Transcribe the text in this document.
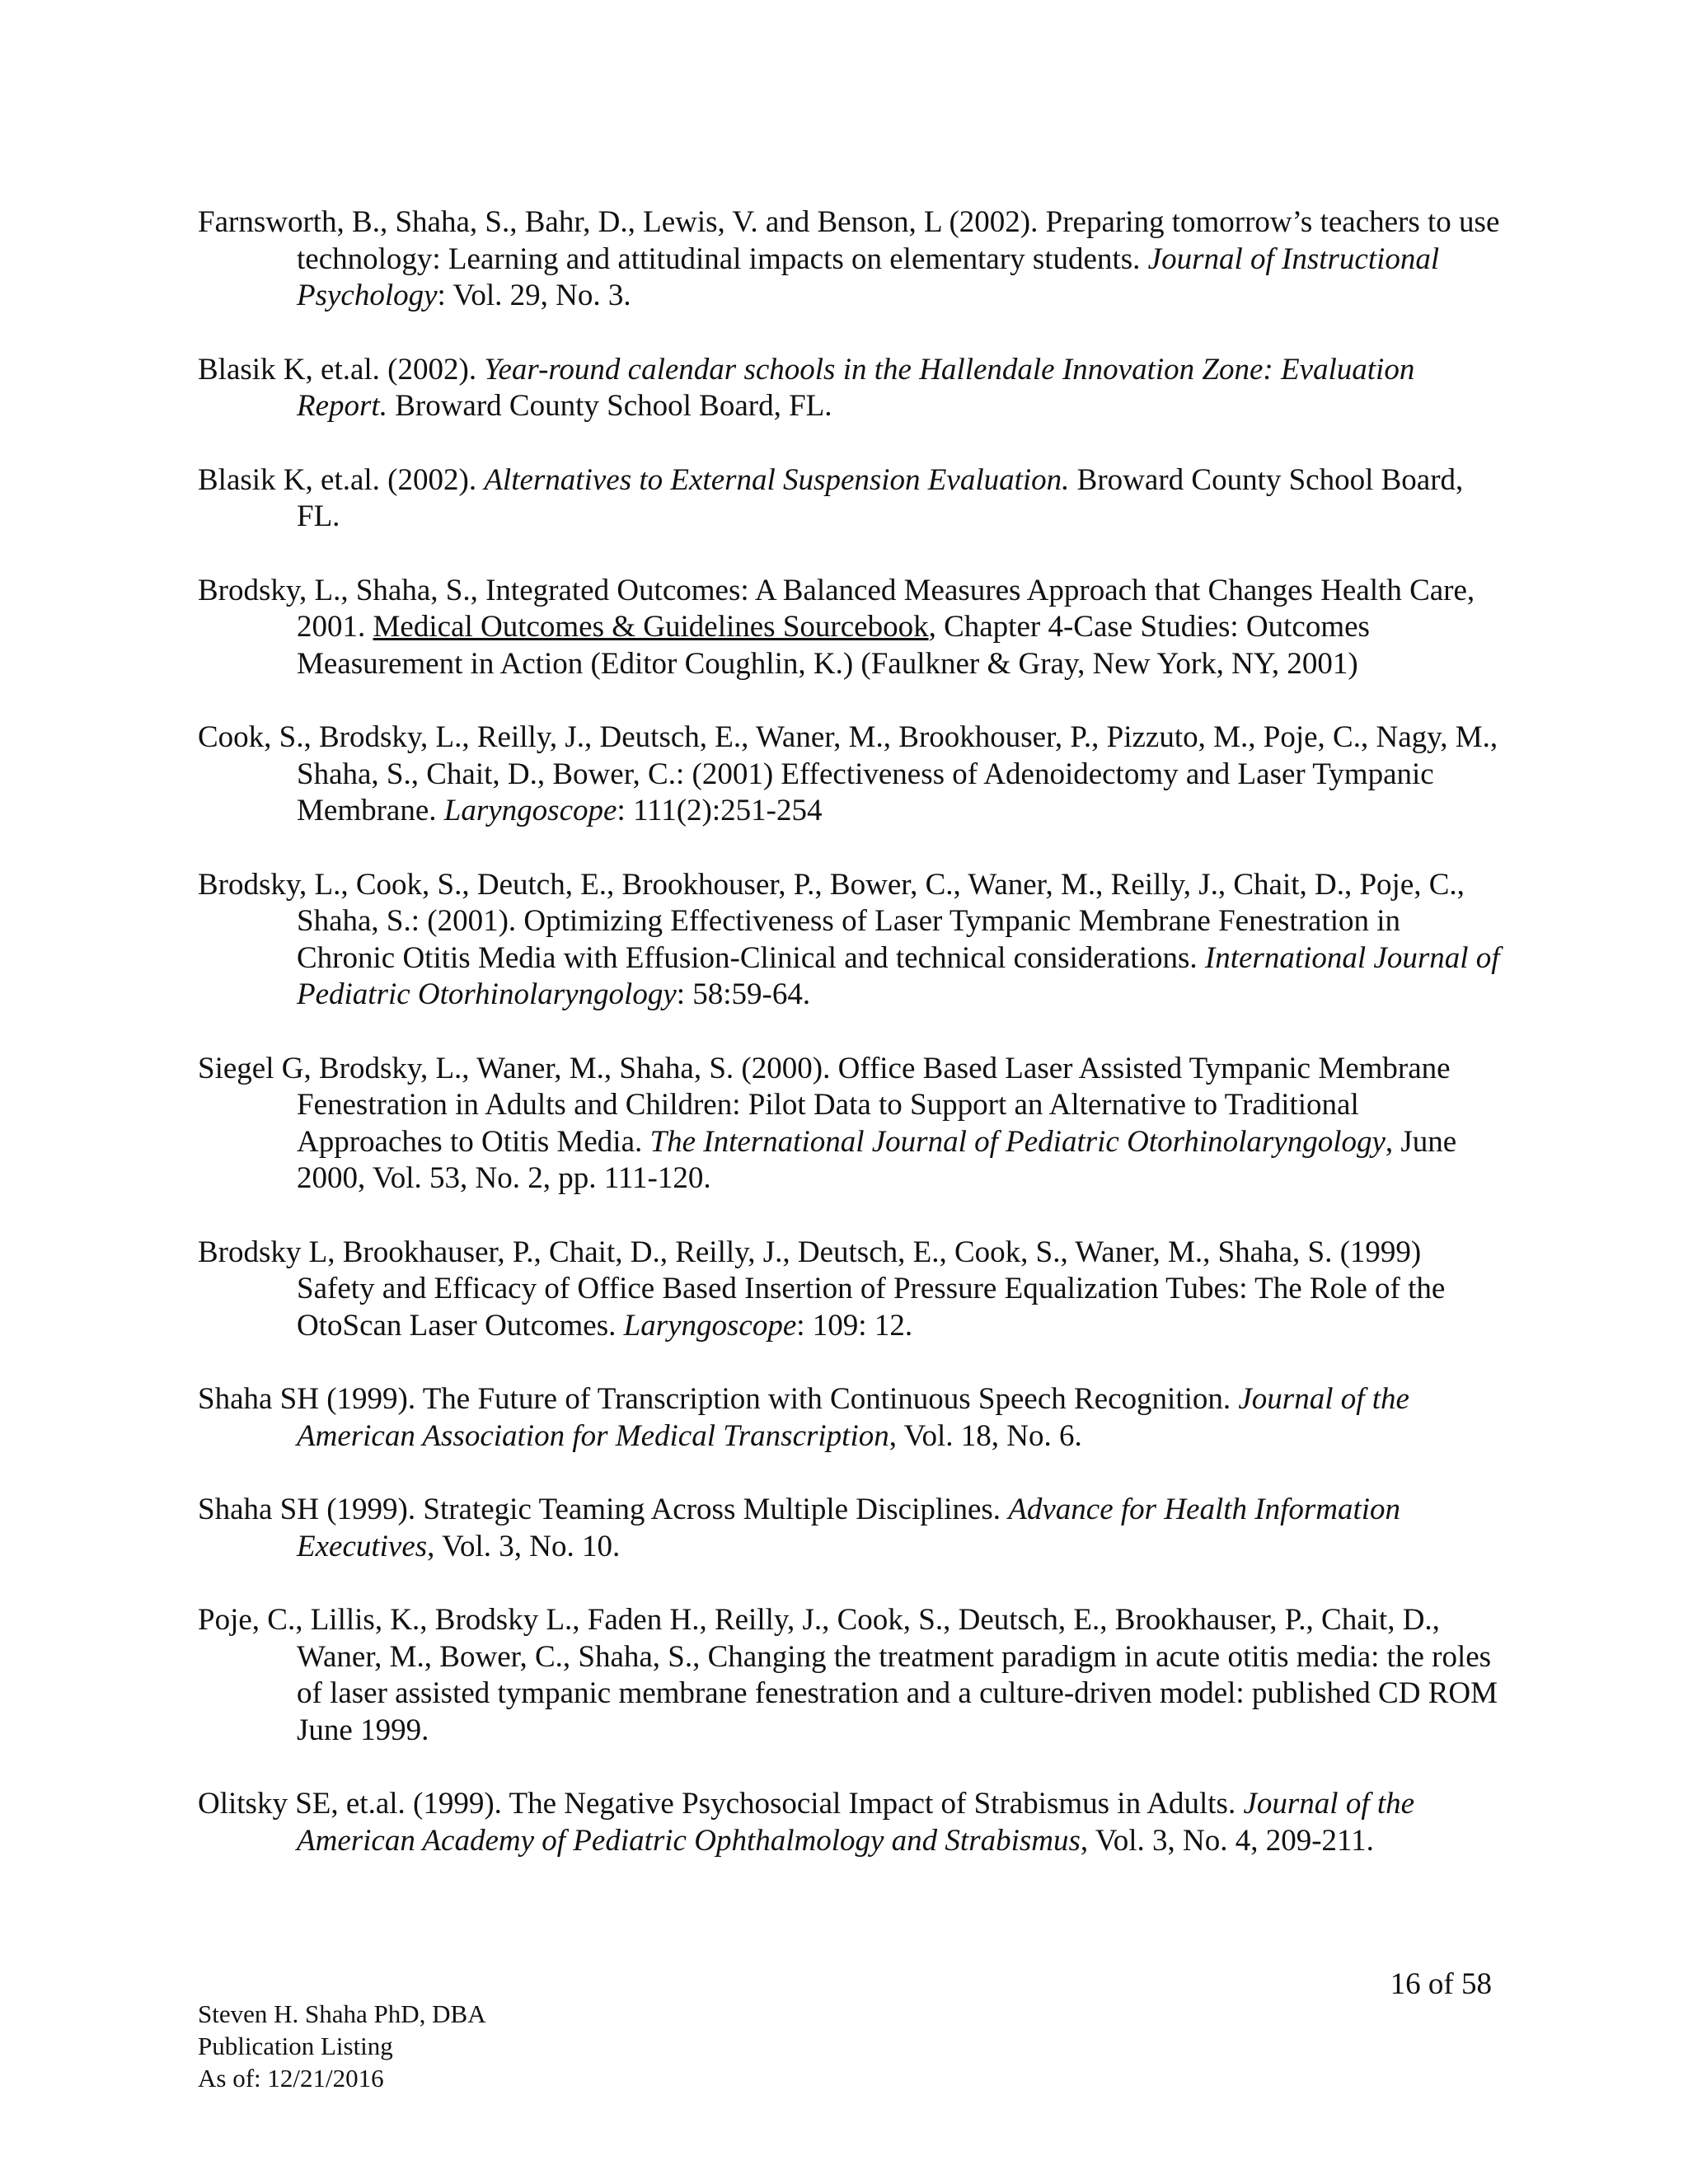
Farnsworth, B., Shaha, S., Bahr, D., Lewis, V. and Benson, L (2002). Preparing tomorrow’s teachers to use technology: Learning and attitudinal impacts on elementary students. Journal of Instructional Psychology: Vol. 29, No. 3.

Blasik K, et.al. (2002). Year-round calendar schools in the Hallendale Innovation Zone: Evaluation Report. Broward County School Board, FL.

Blasik K, et.al. (2002). Alternatives to External Suspension Evaluation. Broward County School Board, FL.

Brodsky, L., Shaha, S., Integrated Outcomes: A Balanced Measures Approach that Changes Health Care, 2001. Medical Outcomes & Guidelines Sourcebook, Chapter 4-Case Studies: Outcomes Measurement in Action (Editor Coughlin, K.) (Faulkner & Gray, New York, NY, 2001)

Cook, S., Brodsky, L., Reilly, J., Deutsch, E., Waner, M., Brookhouser, P., Pizzuto, M., Poje, C., Nagy, M., Shaha, S., Chait, D., Bower, C.: (2001) Effectiveness of Adenoidectomy and Laser Tympanic Membrane. Laryngoscope: 111(2):251-254

Brodsky, L., Cook, S., Deutch, E., Brookhouser, P., Bower, C., Waner, M., Reilly, J., Chait, D., Poje, C., Shaha, S.: (2001). Optimizing Effectiveness of Laser Tympanic Membrane Fenestration in Chronic Otitis Media with Effusion-Clinical and technical considerations. International Journal of Pediatric Otorhinolaryngology: 58:59-64.

Siegel G, Brodsky, L., Waner, M., Shaha, S. (2000). Office Based Laser Assisted Tympanic Membrane Fenestration in Adults and Children: Pilot Data to Support an Alternative to Traditional Approaches to Otitis Media. The International Journal of Pediatric Otorhinolaryngology, June 2000, Vol. 53, No. 2, pp. 111-120.

Brodsky L, Brookhauser, P., Chait, D., Reilly, J., Deutsch, E., Cook, S., Waner, M., Shaha, S. (1999) Safety and Efficacy of Office Based Insertion of Pressure Equalization Tubes: The Role of the OtoScan Laser Outcomes. Laryngoscope: 109: 12.

Shaha SH (1999). The Future of Transcription with Continuous Speech Recognition. Journal of the American Association for Medical Transcription, Vol. 18, No. 6.

Shaha SH (1999). Strategic Teaming Across Multiple Disciplines. Advance for Health Information Executives, Vol. 3, No. 10.

Poje, C., Lillis, K., Brodsky L., Faden H., Reilly, J., Cook, S., Deutsch, E., Brookhauser, P., Chait, D., Waner, M., Bower, C., Shaha, S., Changing the treatment paradigm in acute otitis media: the roles of laser assisted tympanic membrane fenestration and a culture-driven model: published CD ROM June 1999.

Olitsky SE, et.al. (1999). The Negative Psychosocial Impact of Strabismus in Adults. Journal of the American Academy of Pediatric Ophthalmology and Strabismus, Vol. 3, No. 4, 209-211.

16 of 58
Steven H. Shaha PhD, DBA
Publication Listing
As of: 12/21/2016
